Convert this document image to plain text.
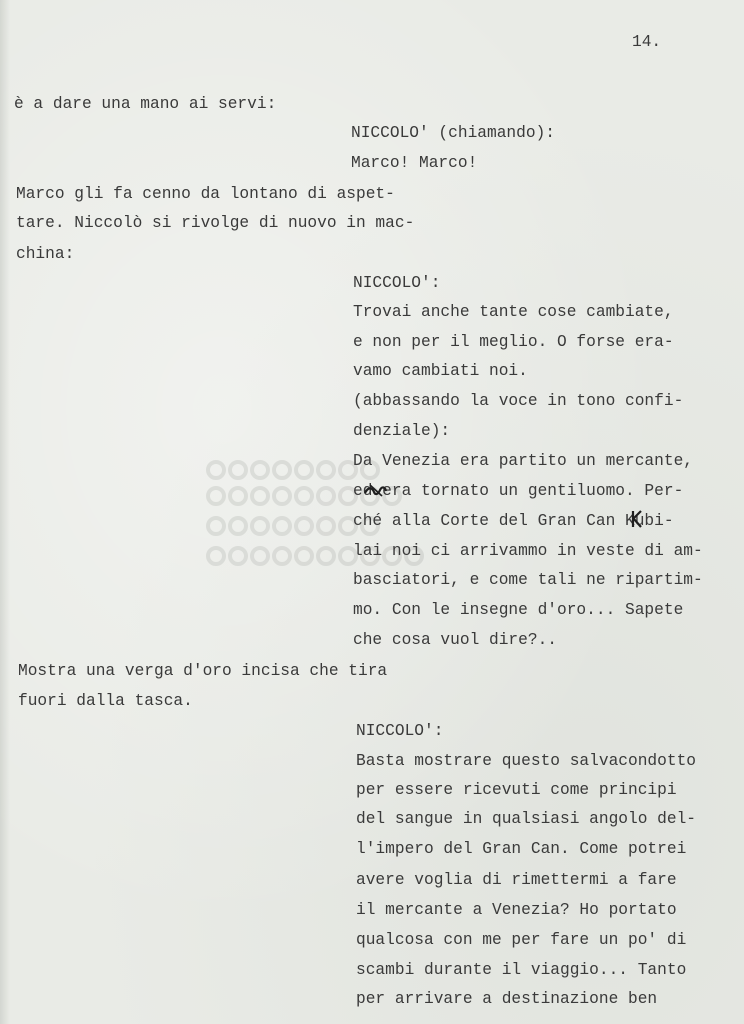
14.
è a dare una mano ai servi:
NICCOLO' (chiamando):
Marco! Marco!
Marco gli fa cenno da lontano di aspet-
tare. Niccolò si rivolge di nuovo in mac-
china:
NICCOLO':
Trovai anche tante cose cambiate,
e non per il meglio. O forse era-
vamo cambiati noi.
(abbassando la voce in tono confi-
denziale):
Da Venezia era partito un mercante,
ed era tornato un gentiluomo. Per-
ché alla Corte del Gran Can Kubi-
lai noi ci arrivammo in veste di am-
basciatori, e come tali ne ripartim-
mo. Con le insegne d'oro... Sapete
che cosa vuol dire?..
Mostra una verga d'oro incisa che tira
fuori dalla tasca.
NICCOLO':
Basta mostrare questo salvacondotto
per essere ricevuti come principi
del sangue in qualsiasi angolo del-
l'impero del Gran Can. Come potrei
avere voglia di rimettermi a fare
il mercante a Venezia? Ho portato
qualcosa con me per fare un po' di
scambi durante il viaggio... Tanto
per arrivare a destinazione ben
